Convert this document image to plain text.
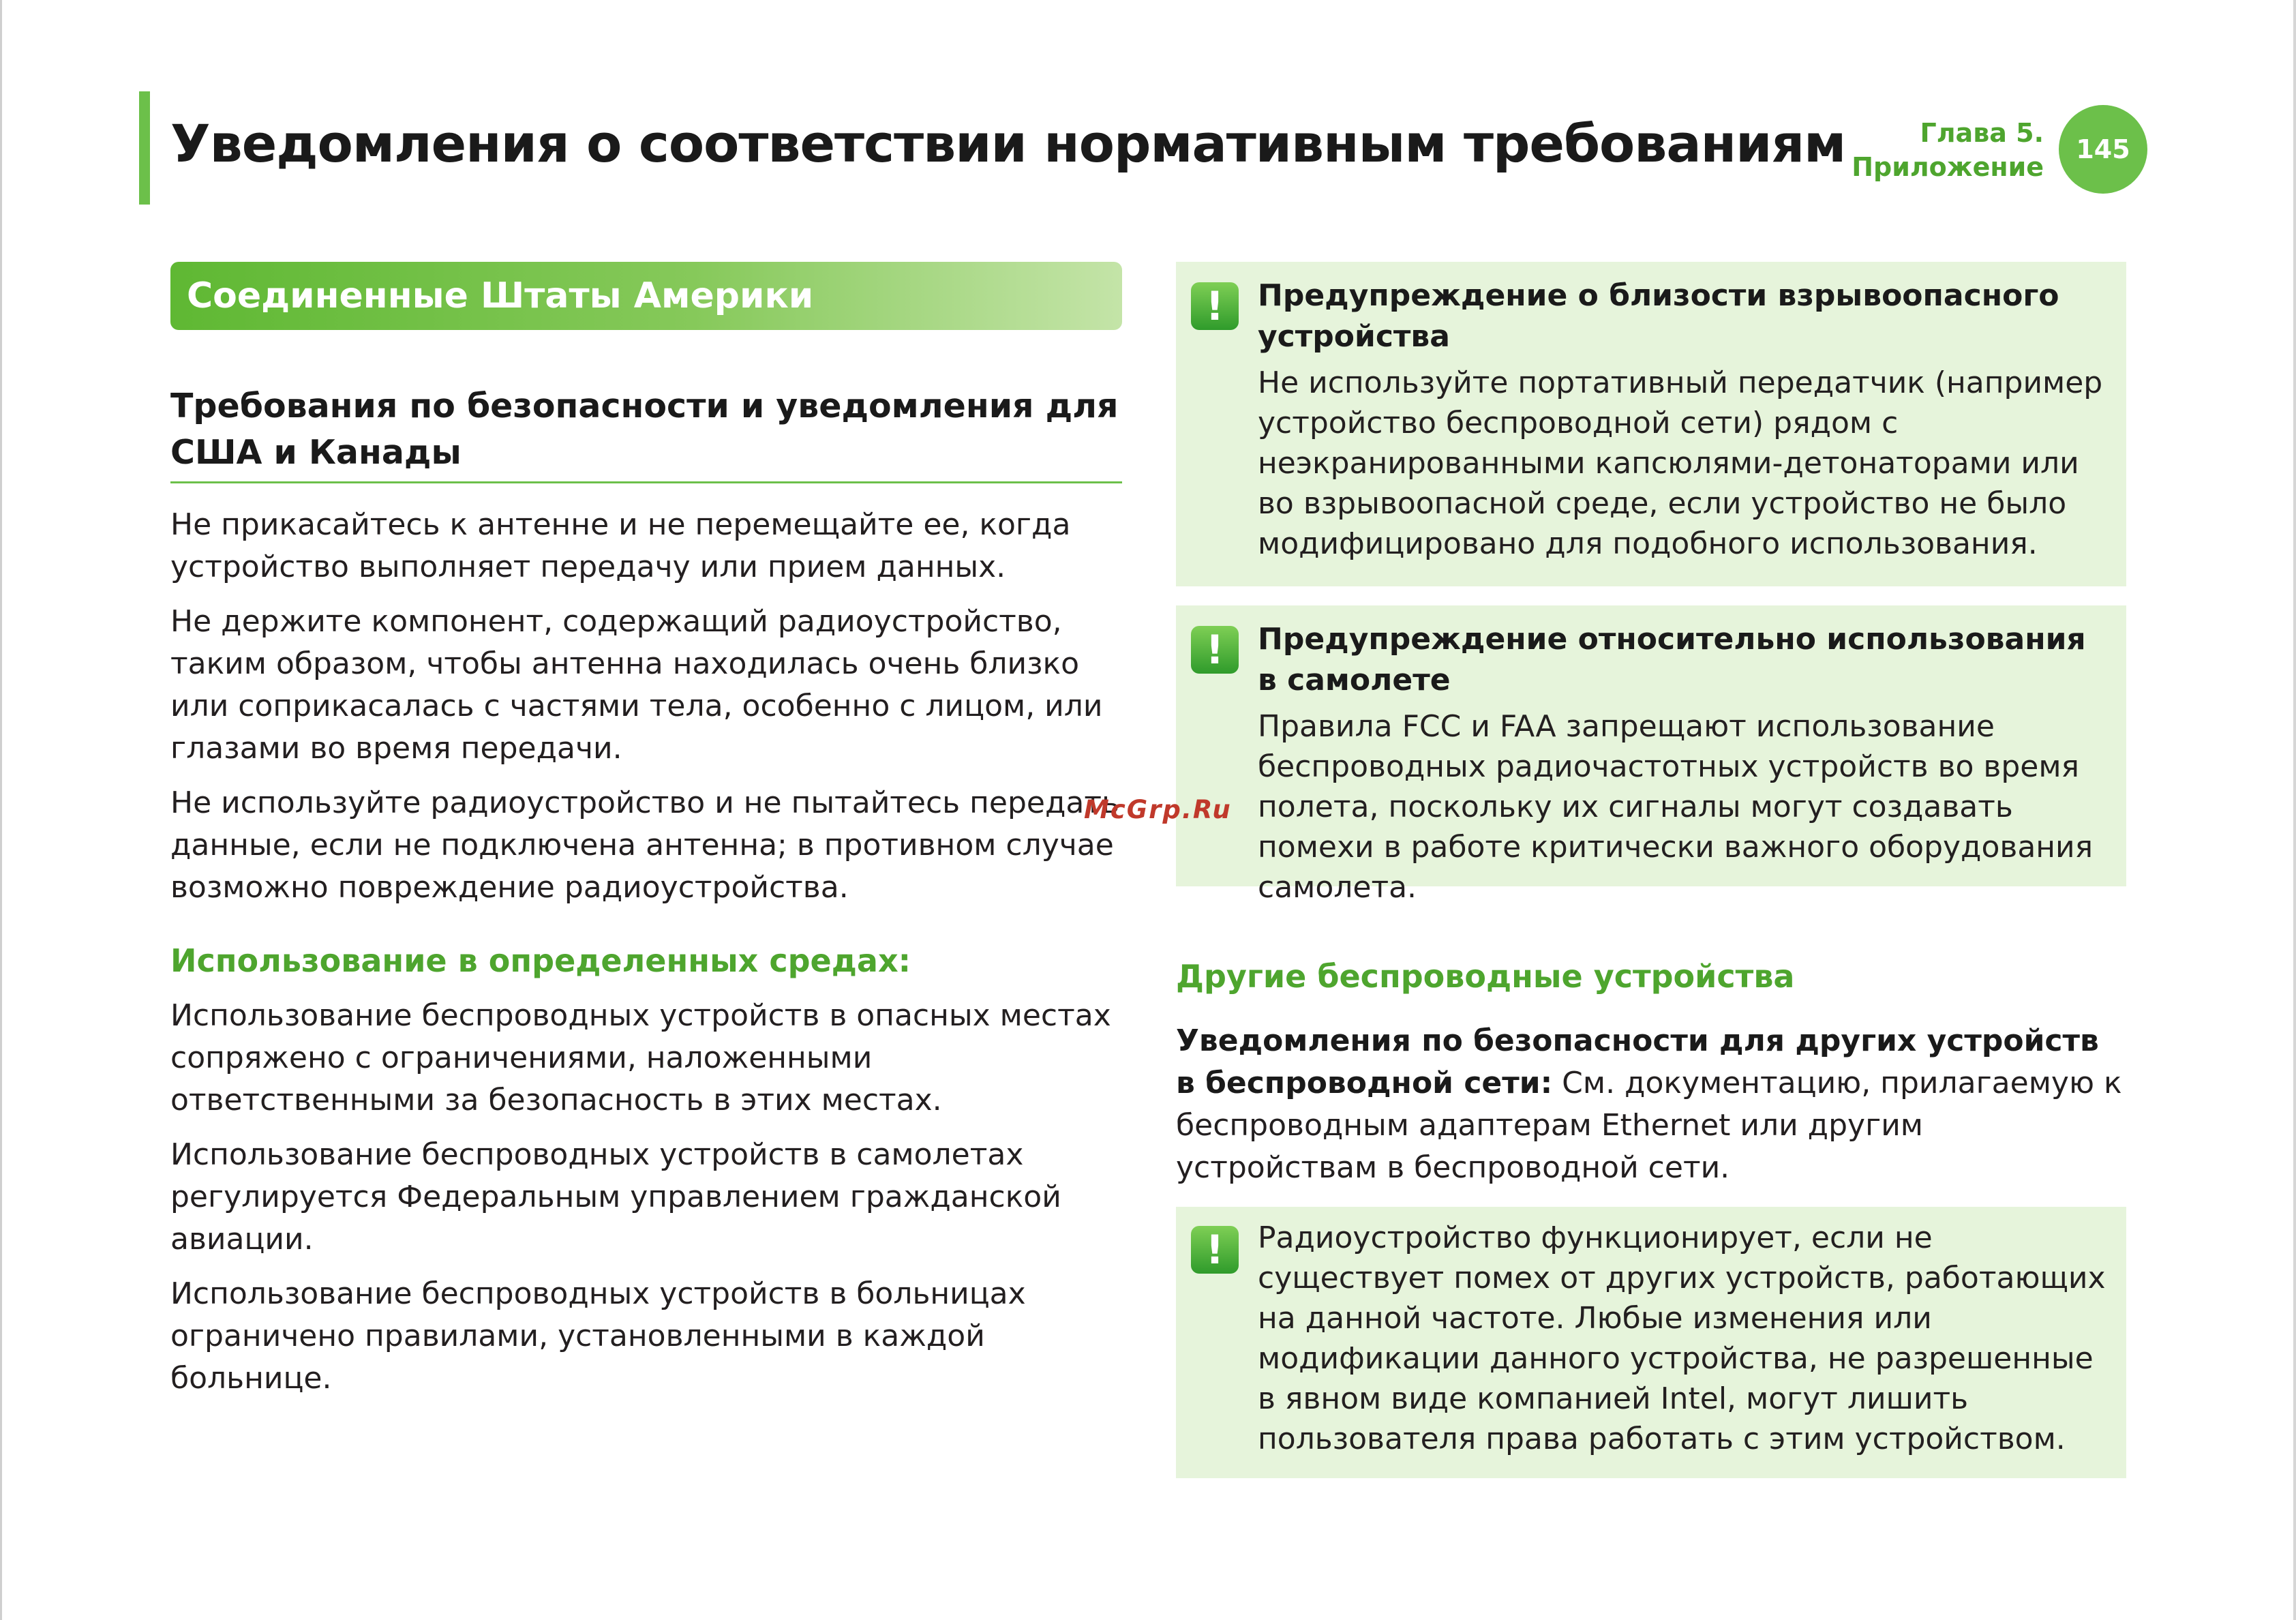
Уведомления о соответствии нормативным требованиям	Глава 5.
Приложение
145
Соединенные Штаты Америки
Требования по безопасности и уведомления для США и Канады

Не прикасайтесь к антенне и не перемещайте ее, когда устройство выполняет передачу или прием данных.

Не держите компонент, содержащий радиоустройство, таким образом, чтобы антенна находилась очень близко или соприкасалась с частями тела, особенно с лицом, или глазами во время передачи.

Не используйте радиоустройство и не пытайтесь передать данные, если не подключена антенна; в противном случае возможно повреждение радиоустройства.

Использование в определенных средах:

Использование беспроводных устройств в опасных местах сопряжено с ограничениями, наложенными ответственными за безопасность в этих местах.

Использование беспроводных устройств в самолетах регулируется Федеральным управлением гражданской авиации.

Использование беспроводных устройств в больницах ограничено правилами, установленными в каждой больнице.

!	Предупреждение о близости взрывоопасного устройства

Не используйте портативный передатчик (например устройство беспроводной сети) рядом с неэкранированными капсюлями-детонаторами или во взрывоопасной среде, если устройство не было модифицировано для подобного использования.

!	Предупреждение относительно использования в самолете

Правила FCC и FAA запрещают использование беспроводных радиочастотных устройств во время полета, поскольку их сигналы могут создавать помехи в работе критически важного оборудования самолета.

Другие беспроводные устройства

Уведомления по безопасности для других устройств в беспроводной сети: См. документацию, прилагаемую к беспроводным адаптерам Ethernet или другим устройствам в беспроводной сети.

!	Радиоустройство функционирует, если не существует помех от других устройств, работающих на данной частоте. Любые изменения или модификации данного устройства, не разрешенные в явном виде компанией Intel, могут лишить пользователя права работать с этим устройством.

McGrp.Ru
